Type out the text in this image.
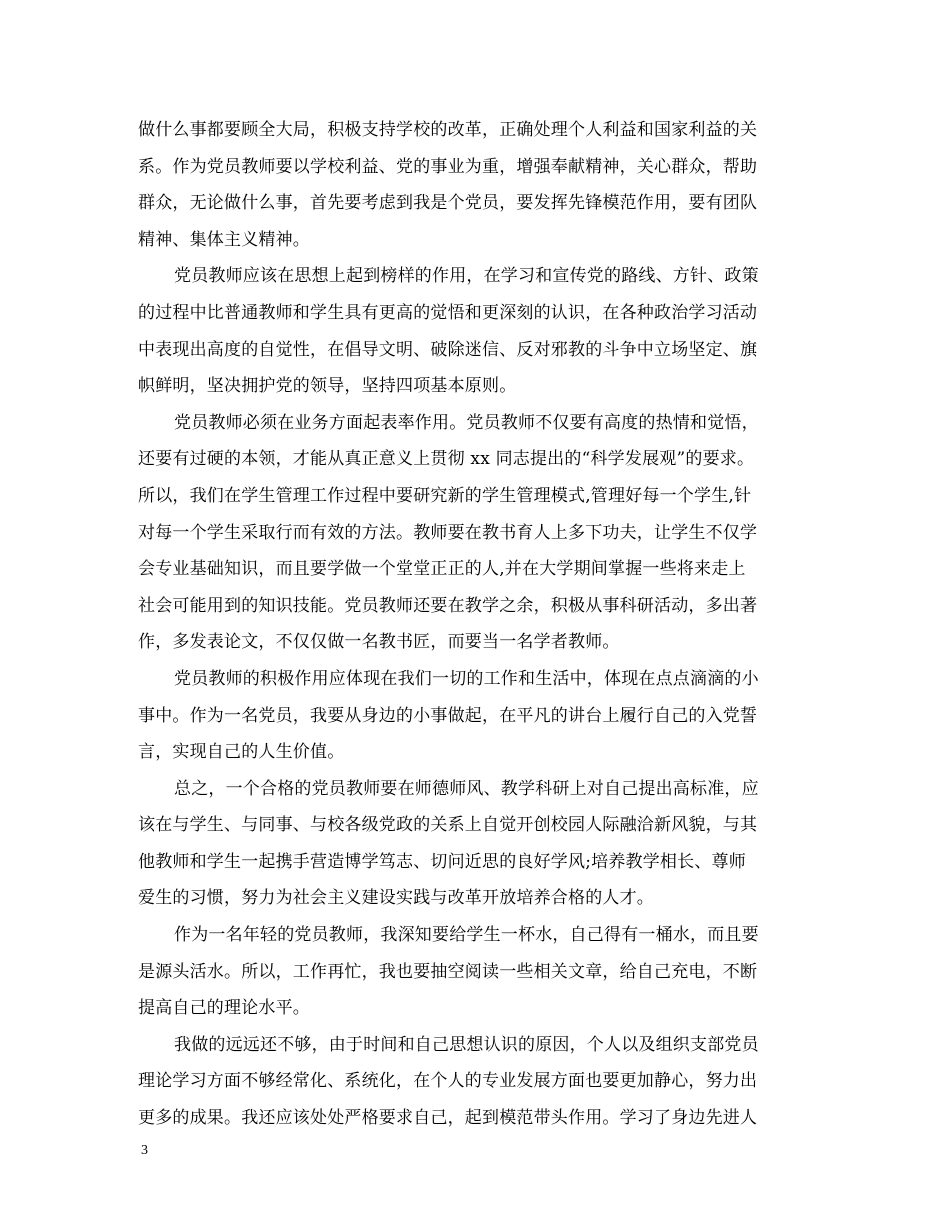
做什么事都要顾全大局，积极支持学校的改革，正确处理个人利益和国家利益的关
系。作为党员教师要以学校利益、党的事业为重，增强奉献精神，关心群众，帮助
群众，无论做什么事，首先要考虑到我是个党员，要发挥先锋模范作用，要有团队
精神、集体主义精神。
党员教师应该在思想上起到榜样的作用，在学习和宣传党的路线、方针、政策
的过程中比普通教师和学生具有更高的觉悟和更深刻的认识，在各种政治学习活动
中表现出高度的自觉性，在倡导文明、破除迷信、反对邪教的斗争中立场坚定、旗
帜鲜明，坚决拥护党的领导，坚持四项基本原则。
党员教师必须在业务方面起表率作用。党员教师不仅要有高度的热情和觉悟，
还要有过硬的本领，才能从真正意义上贯彻 xx 同志提出的“科学发展观”的要求。
所以，我们在学生管理工作过程中要研究新的学生管理模式,管理好每一个学生,针
对每一个学生采取行而有效的方法。教师要在教书育人上多下功夫，让学生不仅学
会专业基础知识，而且要学做一个堂堂正正的人,并在大学期间掌握一些将来走上
社会可能用到的知识技能。党员教师还要在教学之余，积极从事科研活动，多出著
作，多发表论文，不仅仅做一名教书匠，而要当一名学者教师。
党员教师的积极作用应体现在我们一切的工作和生活中，体现在点点滴滴的小
事中。作为一名党员，我要从身边的小事做起，在平凡的讲台上履行自己的入党誓
言，实现自己的人生价值。
总之，一个合格的党员教师要在师德师风、教学科研上对自己提出高标准，应
该在与学生、与同事、与校各级党政的关系上自觉开创校园人际融洽新风貌，与其
他教师和学生一起携手营造博学笃志、切问近思的良好学风;培养教学相长、尊师
爱生的习惯，努力为社会主义建设实践与改革开放培养合格的人才。
作为一名年轻的党员教师，我深知要给学生一杯水，自己得有一桶水，而且要
是源头活水。所以，工作再忙，我也要抽空阅读一些相关文章，给自己充电，不断
提高自己的理论水平。
我做的远远还不够，由于时间和自己思想认识的原因，个人以及组织支部党员
理论学习方面不够经常化、系统化，在个人的专业发展方面也要更加静心，努力出
更多的成果。我还应该处处严格要求自己，起到模范带头作用。学习了身边先进人
3
